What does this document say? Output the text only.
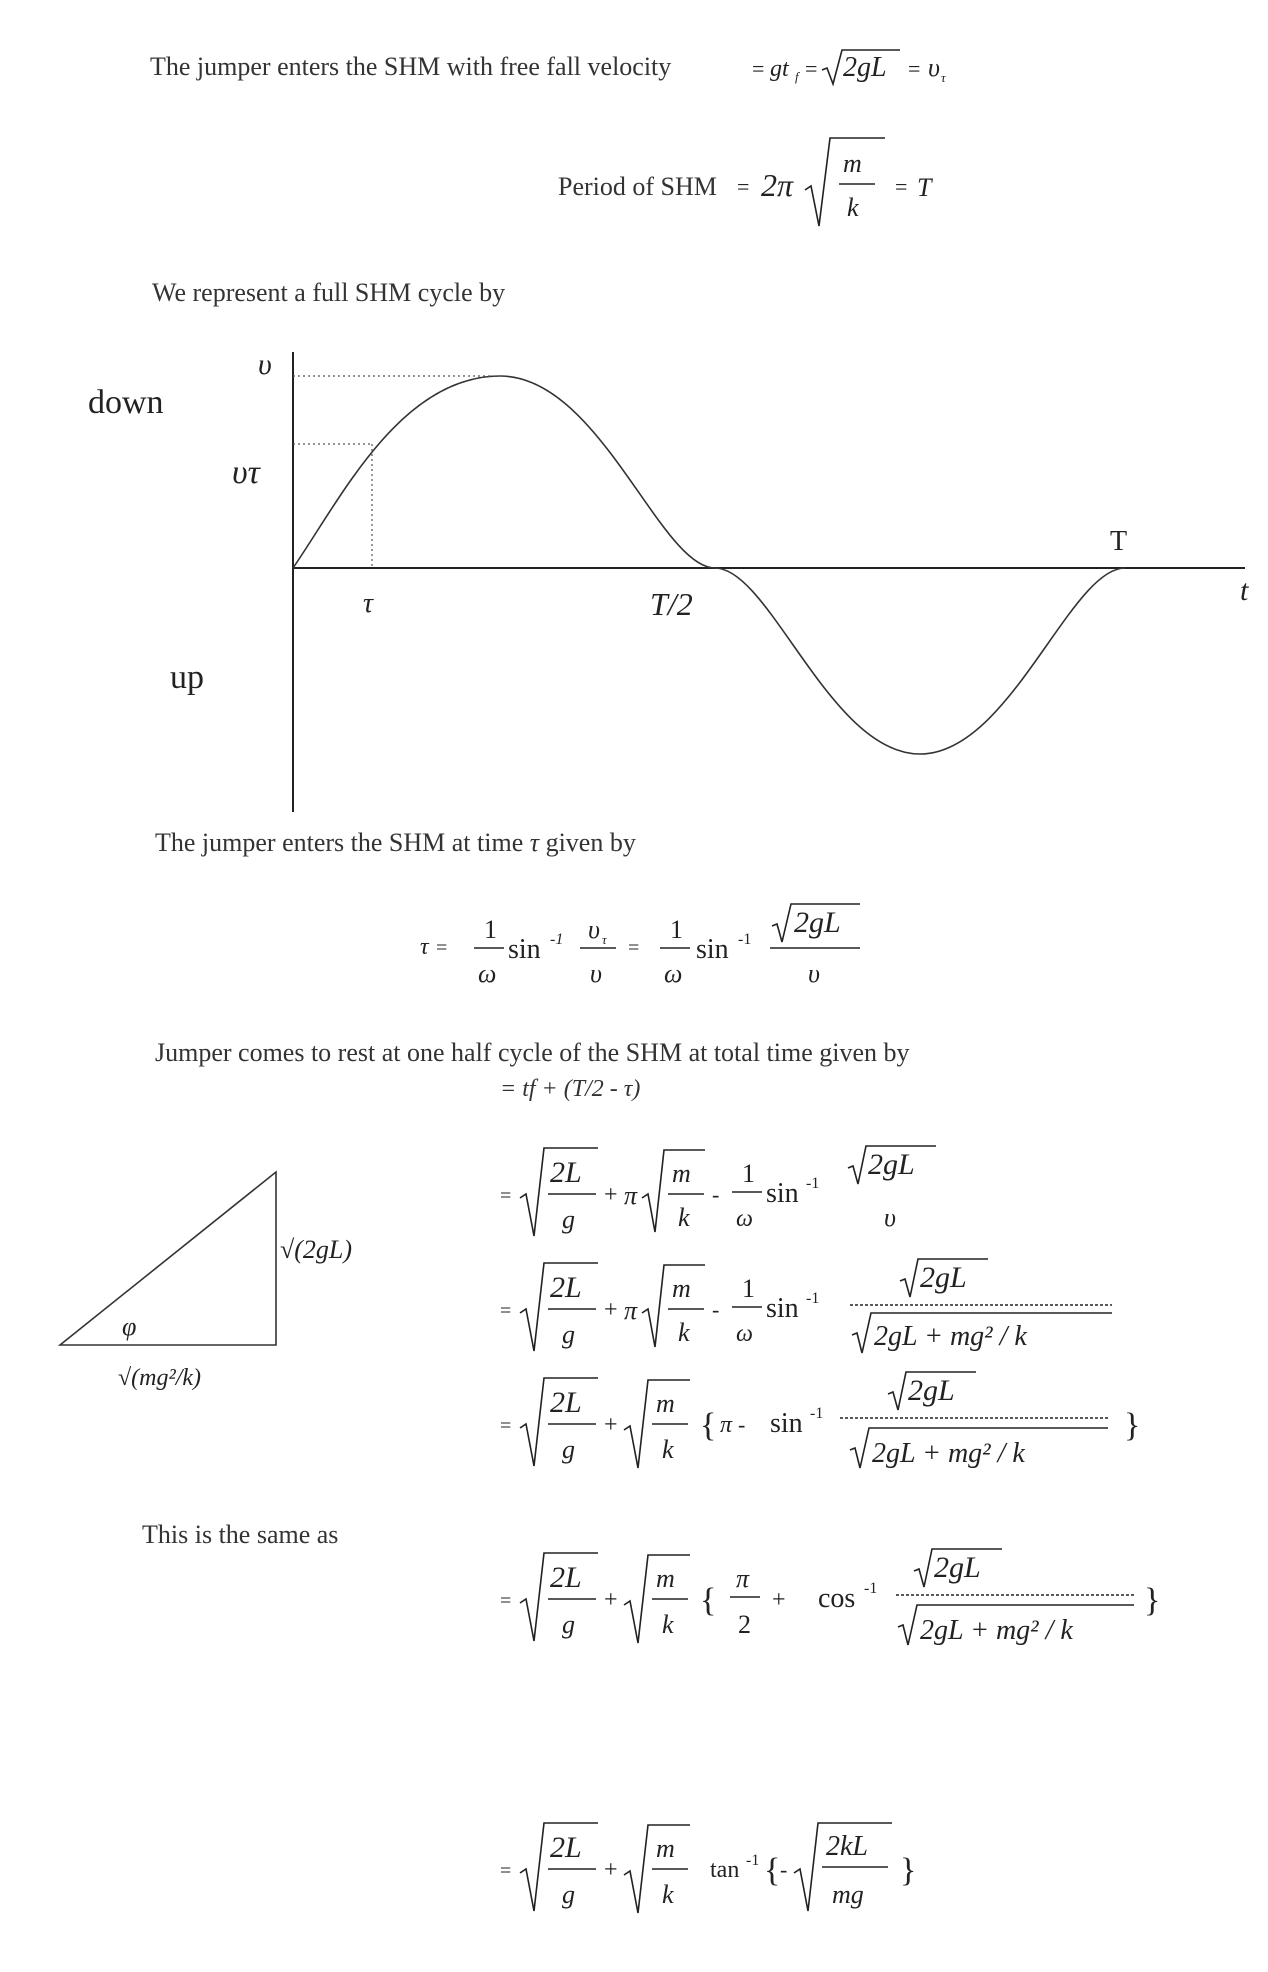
The jumper enters the SHM with free fall velocity	= gt f = 2gL = υ τ
Period of SHM = 2π
m
k
= T
We represent a full SHM cycle by
υ
down
υτ
τ	T/2
T
t
up
The jumper enters the SHM at time τ given by
τ =
1
ω
sin -1 υ τ
υ
=
1
ω
sin -1
2gL
υ
Jumper comes to rest at one half cycle of the SHM at total time given by
= tf + (T/2 - τ)
φ
√(2gL)
√(mg²/k)
=
2L
g
+ π
m
k
-
1
ω
sin -1
2gL
υ
=
2L
g
+ π
m
k
-
1
ω
sin -1
2gL
2gL + mg² / k
=
2L
g
+
m
k
{ π - sin -1
2gL
2gL + mg² / k
}
This is the same as
=
2L
g
+
m
k
{
π
2
+ cos -1
2gL
2gL + mg² / k
}
=
2L
g
+
m
k
tan -1 { -
2kL
mg
}
